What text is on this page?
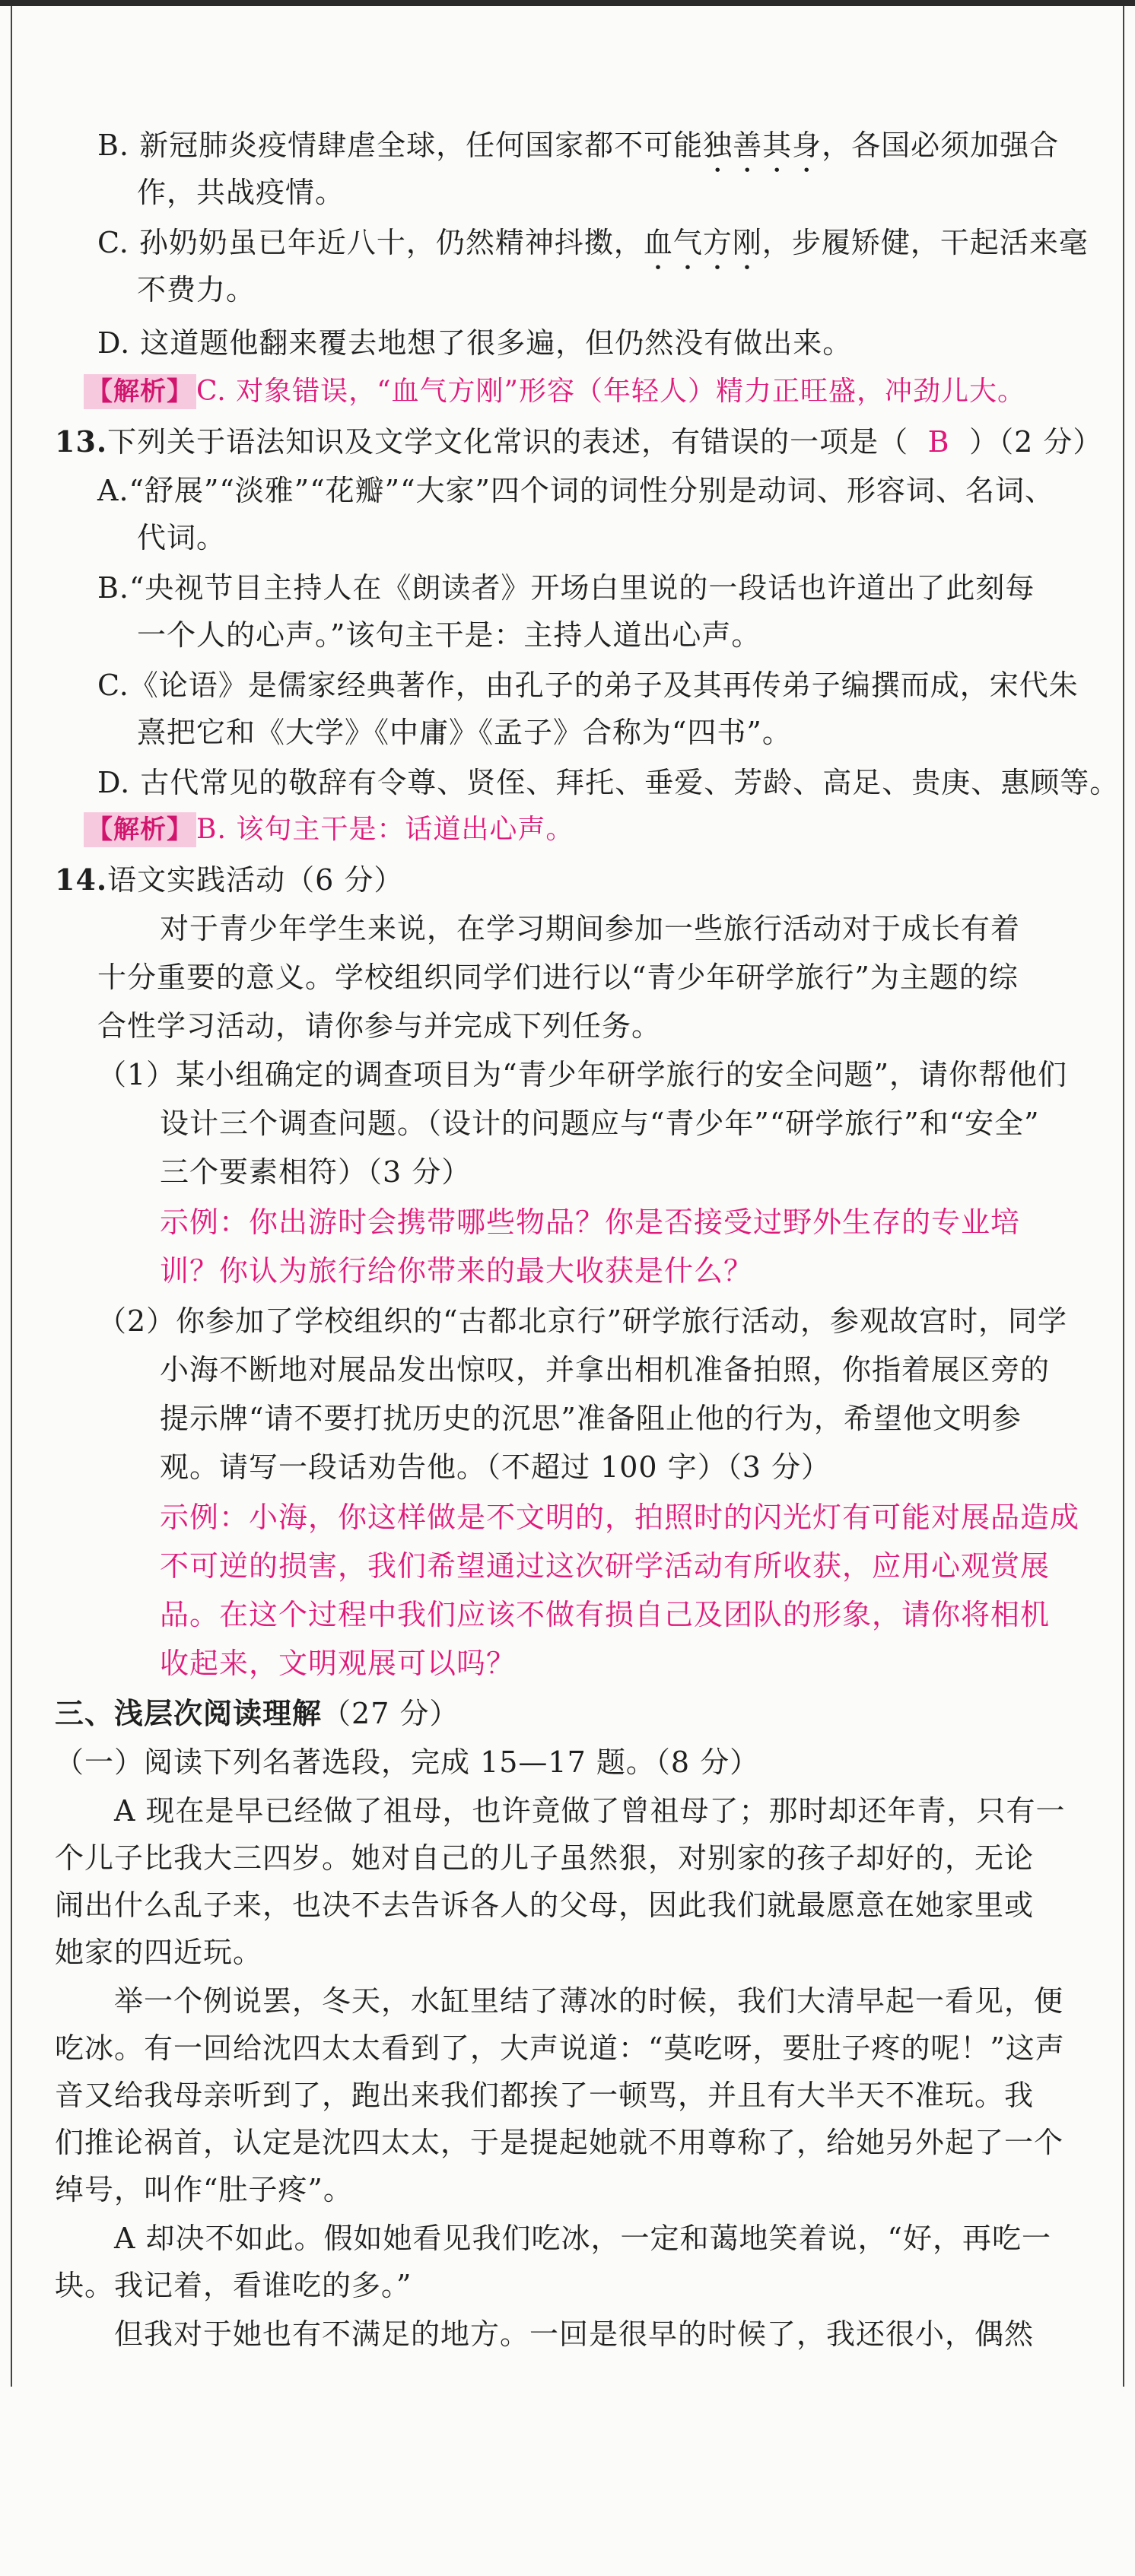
B. 新冠肺炎疫情肆虐全球，任何国家都不可能独善其身，各国必须加强合
作，共战疫情。
C. 孙奶奶虽已年近八十，仍然精神抖擞，血气方刚，步履矫健，干起活来毫
不费力。
D. 这道题他翻来覆去地想了很多遍，但仍然没有做出来。
【解析】 C. 对象错误，“血气方刚”形容（年轻人）精力正旺盛，冲劲儿大。
13.下列关于语法知识及文学文化常识的表述，有错误的一项是（ B ）（2 分）
A.“舒展”“淡雅”“花瓣”“大家”四个词的词性分别是动词、形容词、名词、
代词。
B.“央视节目主持人在《朗读者》开场白里说的一段话也许道出了此刻每
一个人的心声。”该句主干是：主持人道出心声。
C.《论语》是儒家经典著作，由孔子的弟子及其再传弟子编撰而成，宋代朱
熹把它和《大学》《中庸》《孟子》合称为“四书”。
D. 古代常见的敬辞有令尊、贤侄、拜托、垂爱、芳龄、高足、贵庚、惠顾等。
【解析】 B. 该句主干是：话道出心声。
14.语文实践活动（6 分）
对于青少年学生来说，在学习期间参加一些旅行活动对于成长有着
十分重要的意义。学校组织同学们进行以“青少年研学旅行”为主题的综
合性学习活动，请你参与并完成下列任务。
（1）某小组确定的调查项目为“青少年研学旅行的安全问题”，请你帮他们
设计三个调查问题。（设计的问题应与“青少年”“研学旅行”和“安全”
三个要素相符）（3 分）
示例：你出游时会携带哪些物品？你是否接受过野外生存的专业培
训？你认为旅行给你带来的最大收获是什么？
（2）你参加了学校组织的“古都北京行”研学旅行活动，参观故宫时，同学
小海不断地对展品发出惊叹，并拿出相机准备拍照，你指着展区旁的
提示牌“请不要打扰历史的沉思”准备阻止他的行为，希望他文明参
观。请写一段话劝告他。（不超过 100 字）（3 分）
示例：小海，你这样做是不文明的，拍照时的闪光灯有可能对展品造成
不可逆的损害，我们希望通过这次研学活动有所收获，应用心观赏展
品。在这个过程中我们应该不做有损自己及团队的形象，请你将相机
收起来，文明观展可以吗？
三、浅层次阅读理解（27 分）
（一）阅读下列名著选段，完成 15—17 题。（8 分）
A 现在是早已经做了祖母，也许竟做了曾祖母了；那时却还年青，只有一
个儿子比我大三四岁。她对自己的儿子虽然狠，对别家的孩子却好的，无论
闹出什么乱子来，也决不去告诉各人的父母，因此我们就最愿意在她家里或
她家的四近玩。
举一个例说罢，冬天，水缸里结了薄冰的时候，我们大清早起一看见，便
吃冰。有一回给沈四太太看到了，大声说道：“莫吃呀，要肚子疼的呢！”这声
音又给我母亲听到了，跑出来我们都挨了一顿骂，并且有大半天不准玩。我
们推论祸首，认定是沈四太太，于是提起她就不用尊称了，给她另外起了一个
绰号，叫作“肚子疼”。
A 却决不如此。假如她看见我们吃冰，一定和蔼地笑着说，“好，再吃一
块。我记着，看谁吃的多。”
但我对于她也有不满足的地方。一回是很早的时候了，我还很小，偶然
